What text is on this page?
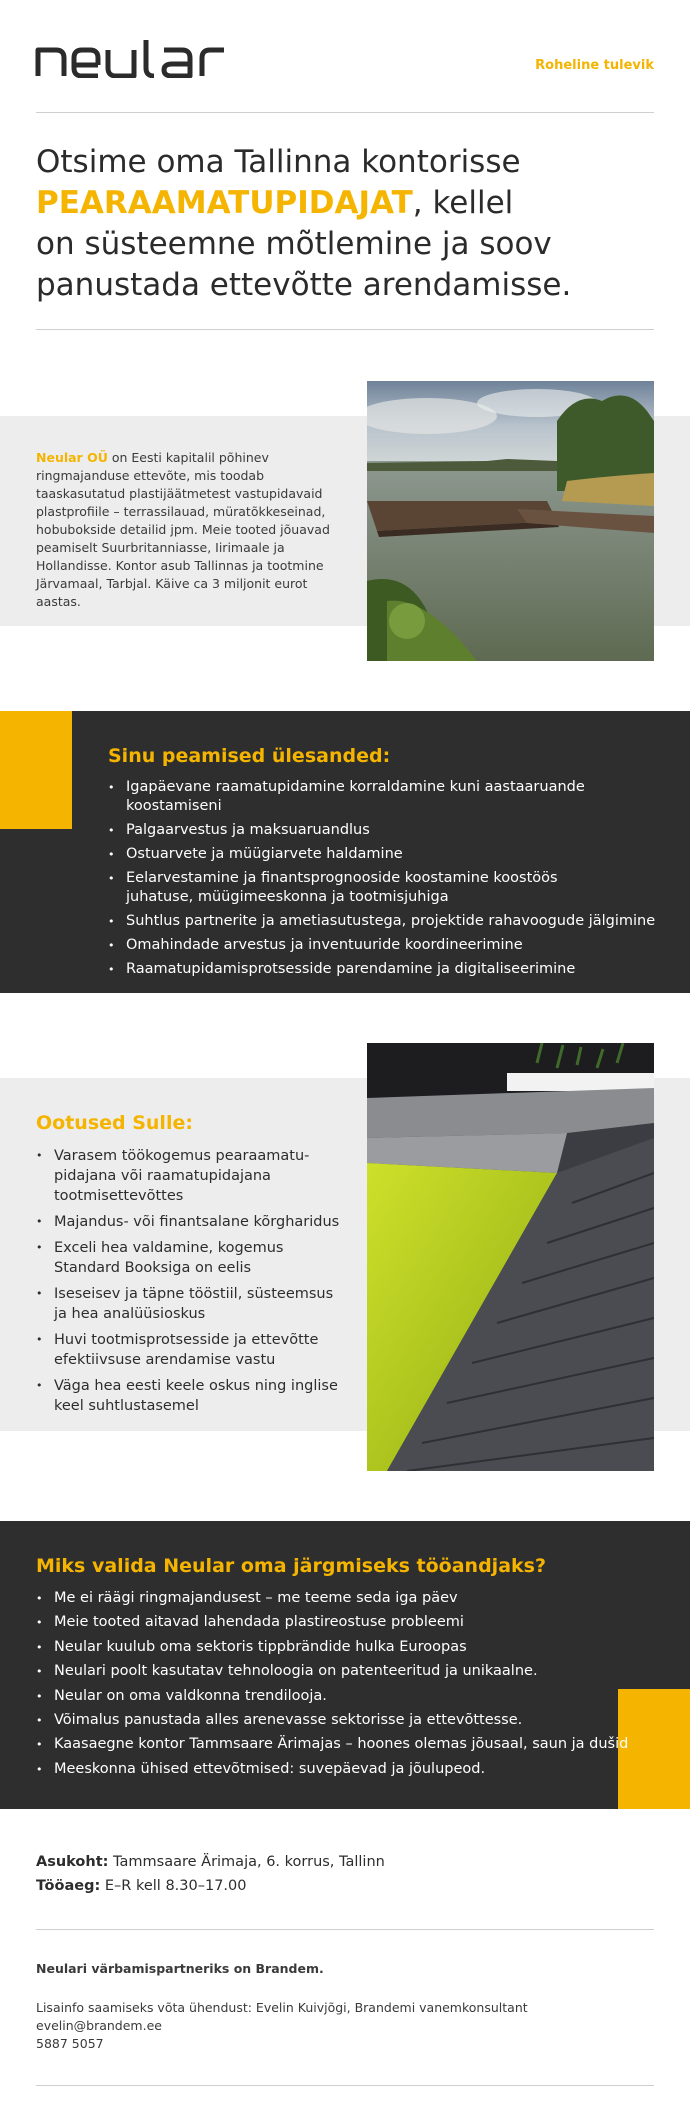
neular
Roheline tulevik
Otsime oma Tallinna kontorisse
PEARAAMATUPIDAJAT, kellel
on süsteemne mõtlemine ja soov
panustada ettevõtte arendamisse.
Neular OÜ on Eesti kapitalil põhinev ringmajanduse ettevõte, mis toodab taaskasutatud plastijäätmetest vastupidavaid plastprofiile – terrassilauad, müratõkkeseinad, hobubokside detailid jpm. Meie tooted jõuavad peamiselt Suurbritanniasse, Iirimaale ja Hollandisse. Kontor asub Tallinnas ja tootmine Järvamaal, Tarbjal. Käive ca 3 miljonit eurot aastas.
Sinu peamised ülesanded:
• Igapäevane raamatupidamine korraldamine kuni aastaaruande koostamiseni
• Palgaarvestus ja maksuaruandlus
• Ostuarvete ja müügiarvete haldamine
• Eelarvestamine ja finantsprognooside koostamine koostöös juhatuse, müügimeeskonna ja tootmisjuhiga
• Suhtlus partnerite ja ametiasutustega, projektide rahavoogude jälgimine
• Omahindade arvestus ja inventuuride koordineerimine
• Raamatupidamisprotsesside parendamine ja digitaliseerimine
Ootused Sulle:
• Varasem töökogemus pearaamatu-pidajana või raamatupidajana tootmisettevõttes
• Majandus- või finantsalane kõrgharidus
• Exceli hea valdamine, kogemus Standard Booksiga on eelis
• Iseseisev ja täpne tööstiil, süsteemsus ja hea analüüsioskus
• Huvi tootmisprotsesside ja ettevõtte efektiivsuse arendamise vastu
• Väga hea eesti keele oskus ning inglise keel suhtlustasemel
Miks valida Neular oma järgmiseks tööandjaks?
• Me ei räägi ringmajandusest – me teeme seda iga päev
• Meie tooted aitavad lahendada plastireostuse probleemi
• Neular kuulub oma sektoris tippbrändide hulka Euroopas
• Neulari poolt kasutatav tehnoloogia on patenteeritud ja unikaalne.
• Neular on oma valdkonna trendilooja.
• Võimalus panustada alles arenevasse sektorisse ja ettevõttesse.
• Kaasaegne kontor Tammsaare Ärimajas – hoones olemas jõusaal, saun ja dušid
• Meeskonna ühised ettevõtmised: suvepäevad ja jõulupeod.
Asukoht: Tammsaare Ärimaja, 6. korrus, Tallinn
Tööaeg: E–R kell 8.30–17.00
Neulari värbamispartneriks on Brandem.
Lisainfo saamiseks võta ühendust: Evelin Kuivjõgi, Brandemi vanemkonsultant
evelin@brandem.ee
5887 5057
